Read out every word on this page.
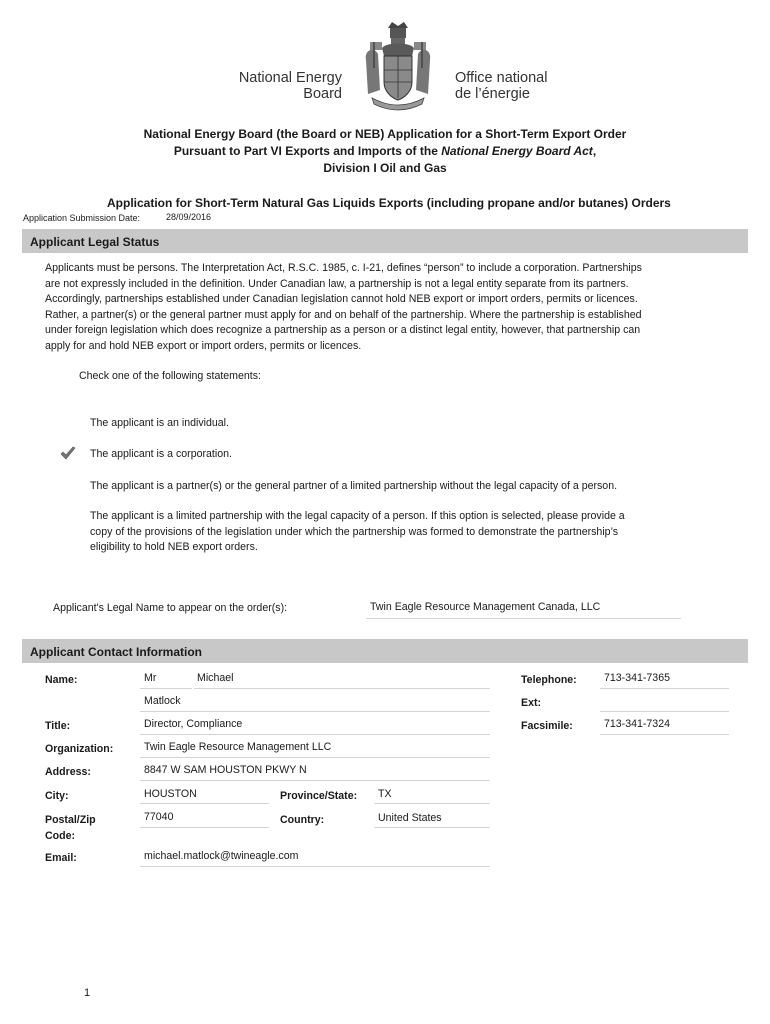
National Energy
Board
Office national
de l’énergie
National Energy Board (the Board or NEB) Application for a Short-Term Export Order
Pursuant to Part VI Exports and Imports of the National Energy Board Act,
Division I Oil and Gas
Application for Short-Term Natural Gas Liquids Exports (including propane and/or butanes) Orders
Application Submission Date:	28/09/2016
Applicant Legal Status
Applicants must be persons. The Interpretation Act, R.S.C. 1985, c. I-21, defines “person” to include a corporation. Partnerships
are not expressly included in the definition. Under Canadian law, a partnership is not a legal entity separate from its partners.
Accordingly, partnerships established under Canadian legislation cannot hold NEB export or import orders, permits or licences.
Rather, a partner(s) or the general partner must apply for and on behalf of the partnership. Where the partnership is established
under foreign legislation which does recognize a partnership as a person or a distinct legal entity, however, that partnership can
apply for and hold NEB export or import orders, permits or licences.
Check one of the following statements:
The applicant is an individual.
The applicant is a corporation.
The applicant is a partner(s) or the general partner of a limited partnership without the legal capacity of a person.
The applicant is a limited partnership with the legal capacity of a person. If this option is selected, please provide a
copy of the provisions of the legislation under which the partnership was formed to demonstrate the partnership’s
eligibility to hold NEB export orders.
Applicant's Legal Name to appear on the order(s):	Twin Eagle Resource Management Canada, LLC
Applicant Contact Information
Name:	Mr	Michael
Matlock
Title:	Director, Compliance
Organization:	Twin Eagle Resource Management LLC
Address:	8847 W SAM HOUSTON PKWY N
City:	HOUSTON	Province/State: TX
Postal/Zip
Code:
77040	Country:	United States
Email:	michael.matlock@twineagle.com
Telephone:	713-341-7365
Ext:
Facsimile:	713-341-7324
1
